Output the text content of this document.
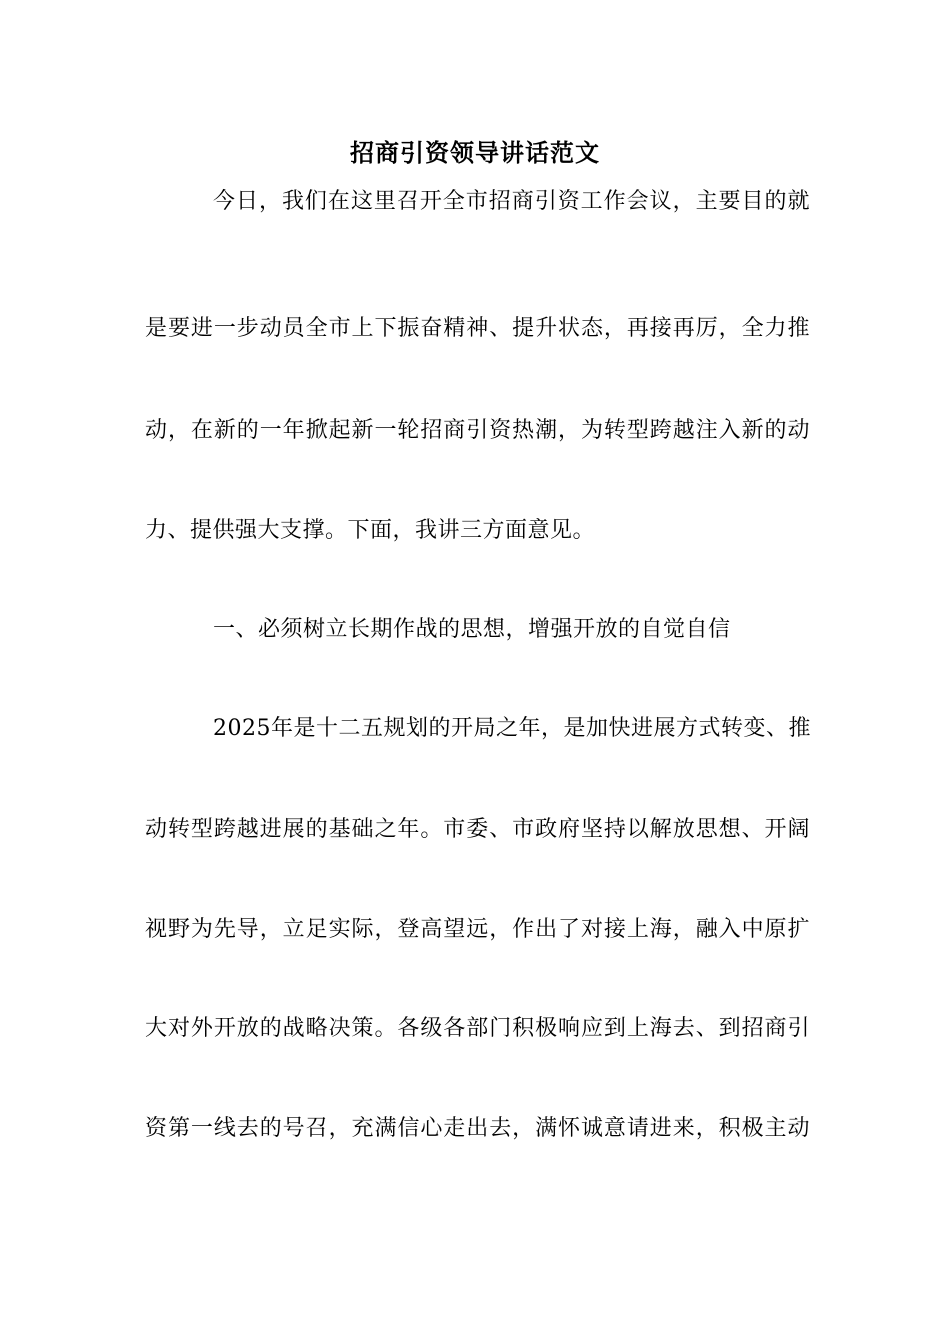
招商引资领导讲话范文
今日，我们在这里召开全市招商引资工作会议，主要目的就
是要进一步动员全市上下振奋精神、提升状态，再接再厉，全力推
动，在新的一年掀起新一轮招商引资热潮，为转型跨越注入新的动
力、提供强大支撑。下面，我讲三方面意见。
一、必须树立长期作战的思想，增强开放的自觉自信
2025年是十二五规划的开局之年，是加快进展方式转变、推
动转型跨越进展的基础之年。市委、市政府坚持以解放思想、开阔
视野为先导，立足实际，登高望远，作出了对接上海，融入中原扩
大对外开放的战略决策。各级各部门积极响应到上海去、到招商引
资第一线去的号召，充满信心走出去，满怀诚意请进来，积极主动
